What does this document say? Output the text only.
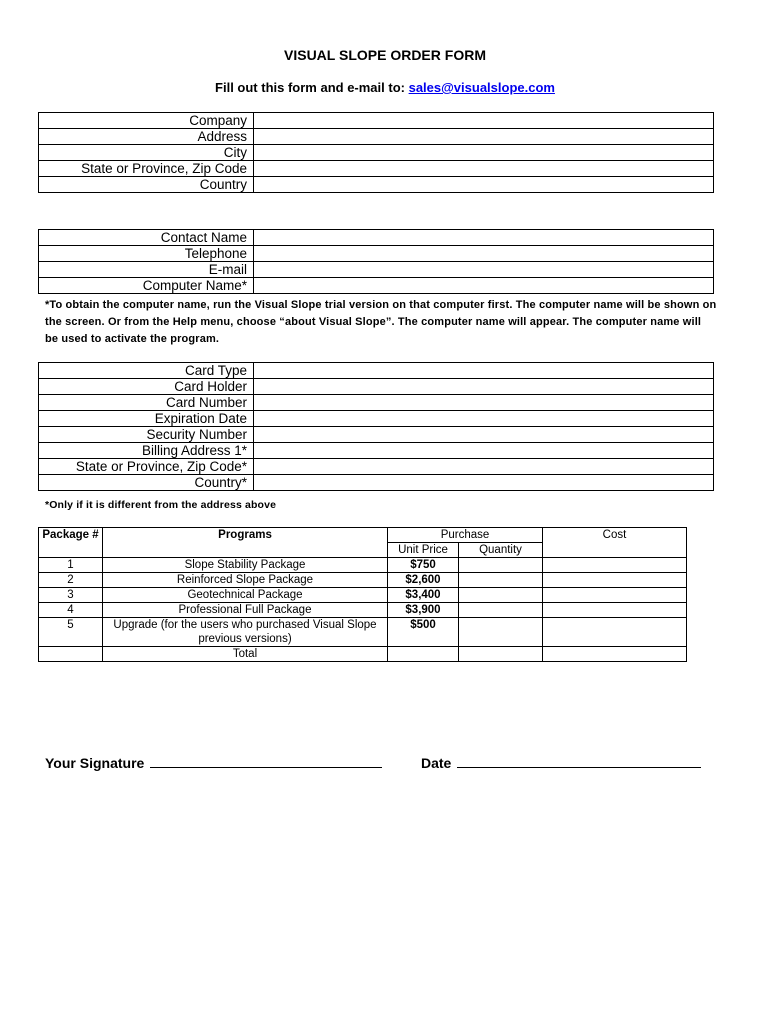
VISUAL SLOPE ORDER FORM
Fill out this form and e-mail to: sales@visualslope.com
Company	
Address	
City	
State or Province, Zip Code	
Country	
Contact Name	
Telephone	
E-mail	
Computer Name*	
*To obtain the computer name, run the Visual Slope trial version on that computer first. The computer name will be shown on the screen. Or from the Help menu, choose “about Visual Slope”. The computer name will appear. The computer name will be used to activate the program.
Card Type	
Card Holder	
Card Number	
Expiration Date	
Security Number	
Billing Address 1*	
State or Province, Zip Code*	
Country*	
*Only if it is different from the address above
Package #	Programs	Purchase		Cost
		Unit Price	Quantity	
1	Slope Stability Package	$750		
2	Reinforced Slope Package	$2,600		
3	Geotechnical Package	$3,400		
4	Professional Full Package	$3,900		
5	Upgrade (for the users who purchased Visual Slope previous versions)	$500		
	Total			
Your Signature	Date
